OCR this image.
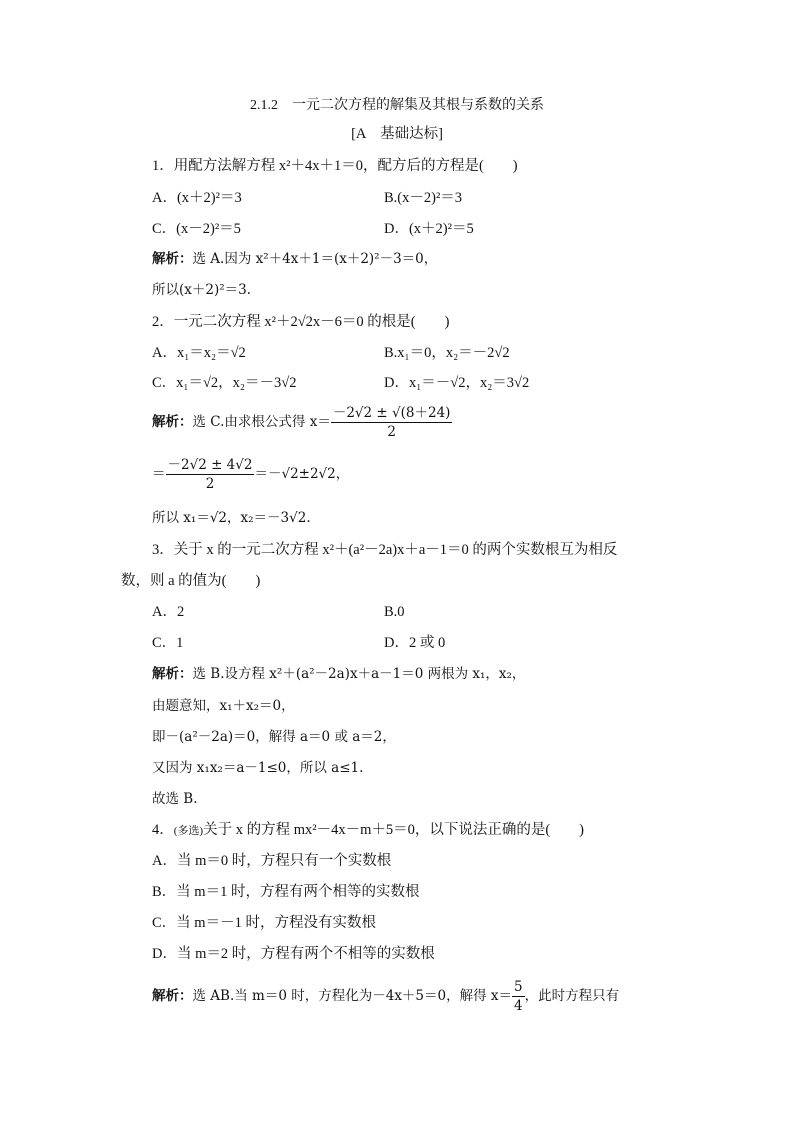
2.1.2　一元二次方程的解集及其根与系数的关系
[A　基础达标]
1．用配方法解方程 x²＋4x＋1＝0，配方后的方程是(　　)
A．(x＋2)²＝3	B.(x－2)²＝3
C．(x－2)²＝5	D．(x＋2)²＝5
解析：选 A.因为 x²＋4x＋1＝(x＋2)²－3＝0，
所以(x＋2)²＝3.
2．一元二次方程 x²＋2√2x－6＝0 的根是(　　)
A．x₁＝x₂＝√2	B.x₁＝0，x₂＝－2√2
C．x₁＝√2，x₂＝－3√2	D．x₁＝－√2，x₂＝3√2
解析：选 C.由求根公式得 $x= \frac{-2√2 \pm √(8+24)}{2}$
＝ $\frac{-2√2 \pm 4√2}{2} =-√2\pm 2√2$，
所以 x₁＝√2，x₂＝－3√2.
3．关于 x 的一元二次方程 x²＋(a²－2a)x＋a－1＝0 的两个实数根互为相反
数，则 a 的值为(　　)
A．2	B.0
C．1	D．2 或 0
解析：选 B.设方程 x²＋(a²－2a)x＋a－1＝0 两根为 x₁，x₂，
由题意知，x₁＋x₂＝0，
即－(a²－2a)＝0，解得 a＝0 或 a＝2，
又因为 x₁x₂＝a－1≤0，所以 a≤1.
故选 B.
4．(多选)关于 x 的方程 mx²－4x－m＋5＝0，以下说法正确的是(　　)
A．当 m＝0 时，方程只有一个实数根
B．当 m＝1 时，方程有两个相等的实数根
C．当 m＝－1 时，方程没有实数根
D．当 m＝2 时，方程有两个不相等的实数根
解析：选 AB.当 m＝0 时，方程化为－4x＋5＝0，解得 $x= \frac{5}{4}$ ，此时方程只有
